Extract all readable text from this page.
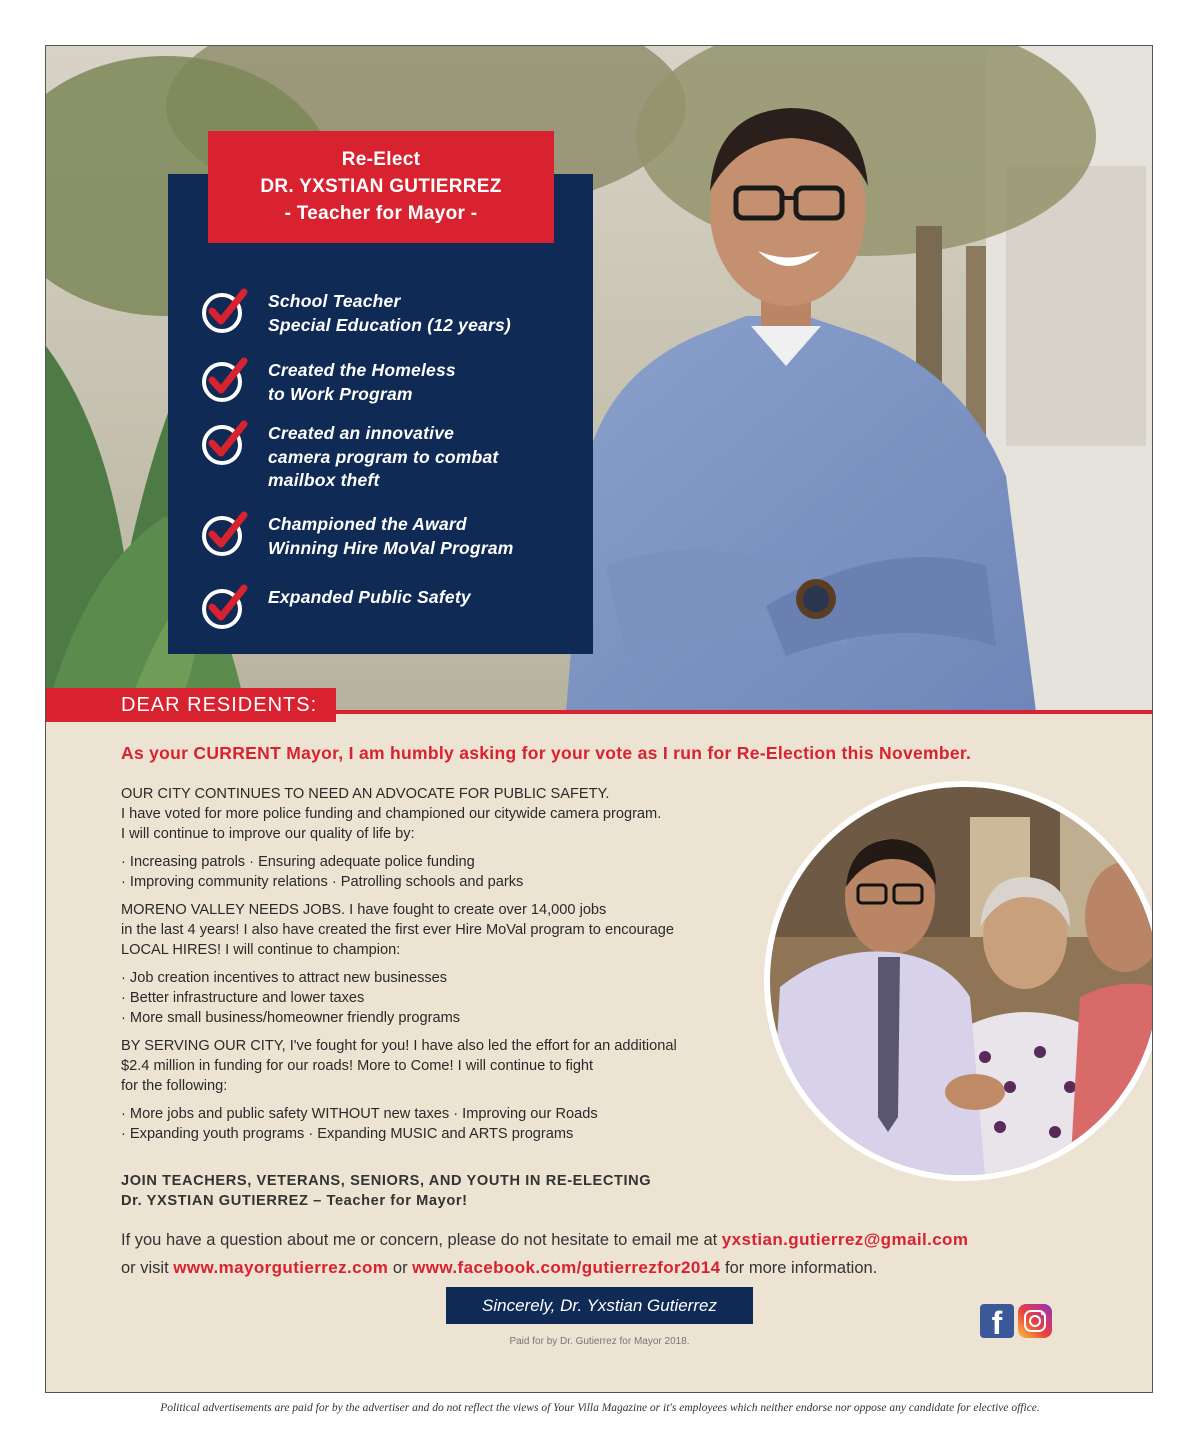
Re-Elect
DR. YXSTIAN GUTIERREZ
- Teacher for Mayor -
School Teacher
Special Education (12 years)
Created the Homeless
to Work Program
Created an innovative
camera program to combat
mailbox theft
Championed the Award
Winning Hire MoVal Program
Expanded Public Safety
DEAR RESIDENTS:
As your CURRENT Mayor, I am humbly asking for your vote as I run for Re-Election this November.

OUR CITY CONTINUES TO NEED AN ADVOCATE FOR PUBLIC SAFETY.

I have voted for more police funding and championed our citywide camera program.

I will continue to improve our quality of life by:

· Increasing patrols · Ensuring adequate police funding

· Improving community relations · Patrolling schools and parks

MORENO VALLEY NEEDS JOBS. I have fought to create over 14,000 jobs

in the last 4 years! I also have created the first ever Hire MoVal program to encourage

LOCAL HIRES! I will continue to champion:

· Job creation incentives to attract new businesses

· Better infrastructure and lower taxes

· More small business/homeowner friendly programs

BY SERVING OUR CITY, I've fought for you! I have also led the effort for an additional

$2.4 million in funding for our roads! More to Come! I will continue to fight

for the following:

· More jobs and public safety WITHOUT new taxes · Improving our Roads

· Expanding youth programs · Expanding MUSIC and ARTS programs

JOIN TEACHERS, VETERANS, SENIORS, AND YOUTH IN RE-ELECTING
Dr. YXSTIAN GUTIERREZ – Teacher for Mayor!
If you have a question about me or concern, please do not hesitate to email me at yxstian.gutierrez@gmail.com
or visit www.mayorgutierrez.com or www.facebook.com/gutierrezfor2014 for more information.
Sincerely, Dr. Yxstian Gutierrez
Paid for by Dr. Gutierrez for Mayor 2018.
f
Political advertisements are paid for by the advertiser and do not reflect the views of Your Villa Magazine or it's employees which neither endorse nor oppose any candidate for elective office.
